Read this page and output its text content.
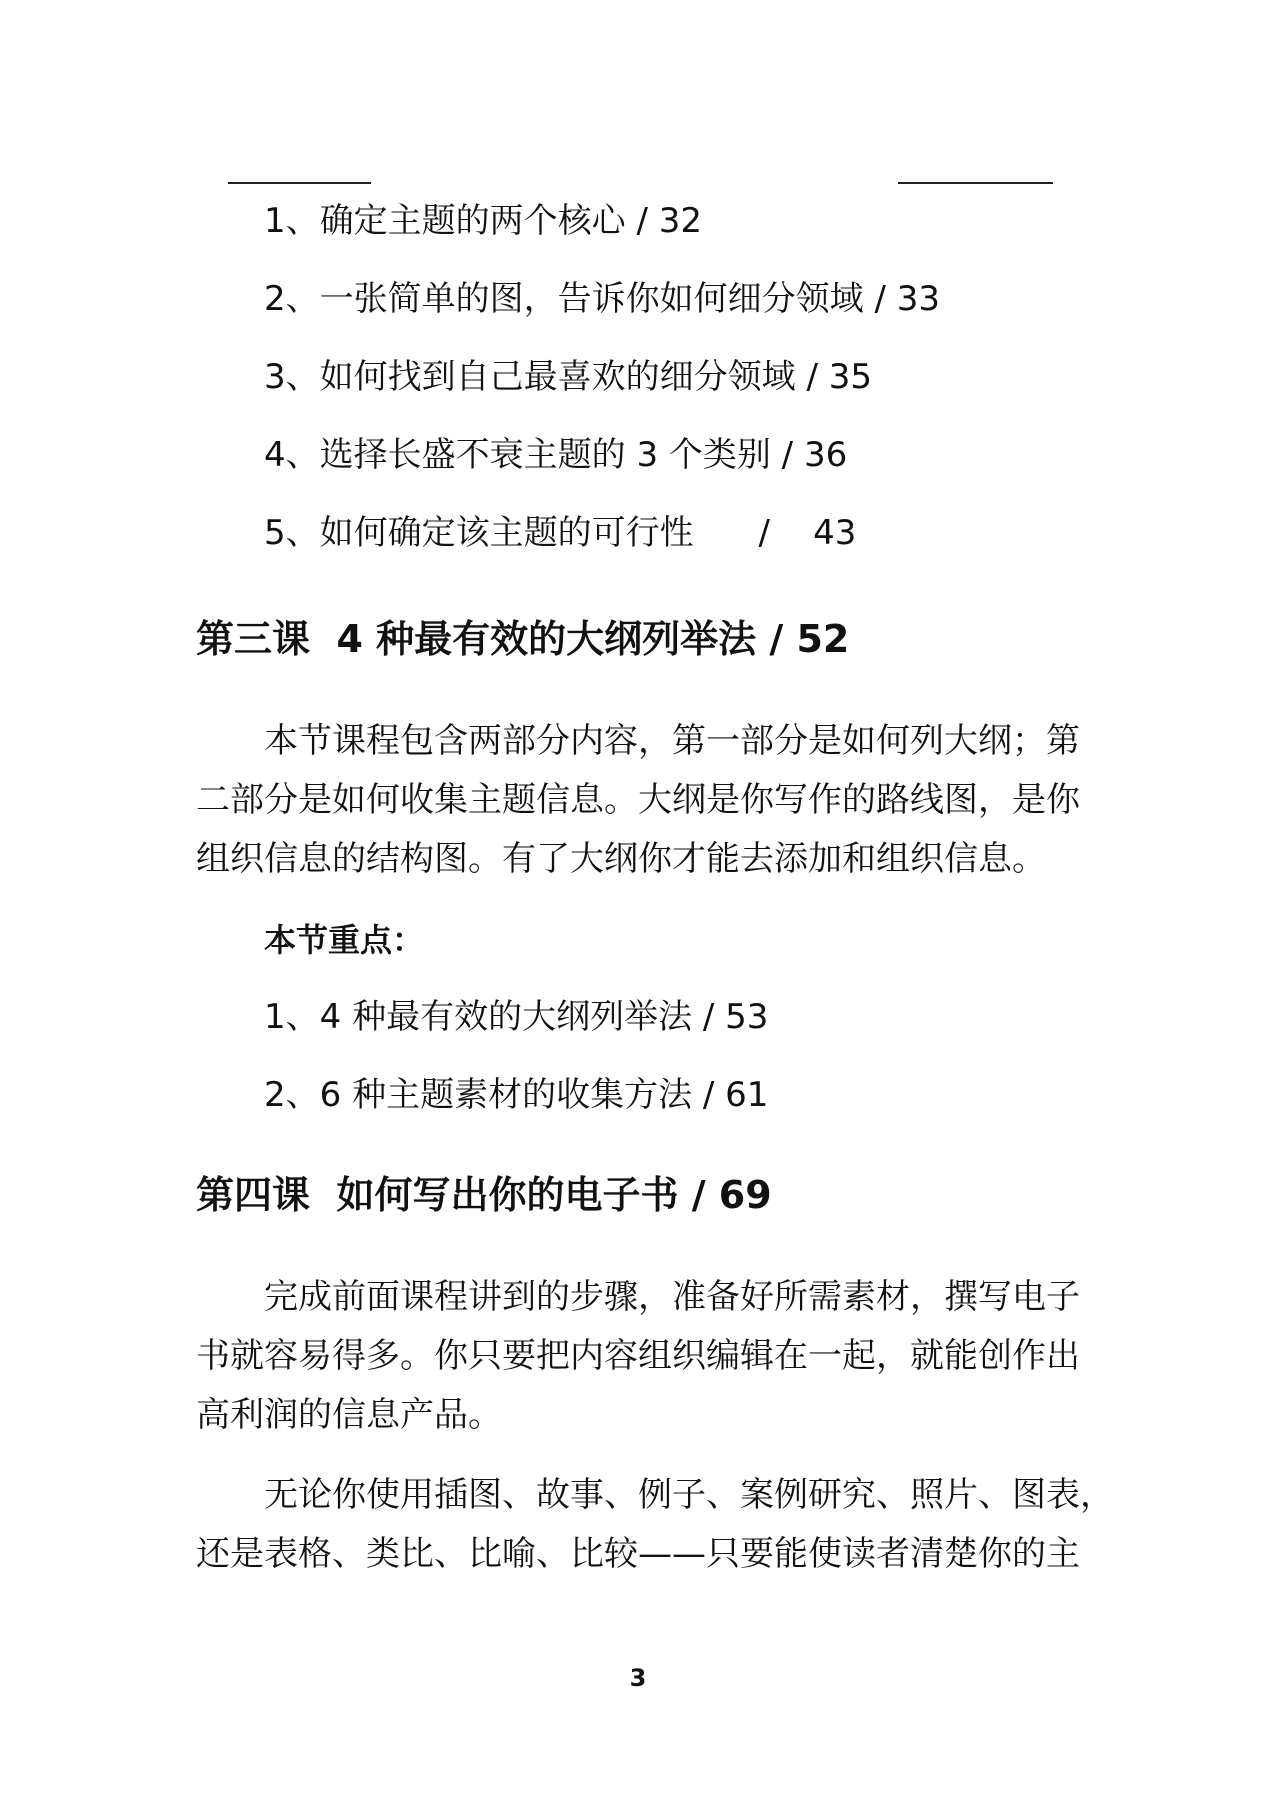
1、确定主题的两个核心 / 32
2、一张简单的图，告诉你如何细分领域 / 33
3、如何找到自己最喜欢的细分领域 / 35
4、选择长盛不衰主题的 3 个类别 / 36
5、如何确定该主题的可行性      /    43
第三课  4 种最有效的大纲列举法 / 52
本节课程包含两部分内容，第一部分是如何列大纲；第
二部分是如何收集主题信息。大纲是你写作的路线图，是你
组织信息的结构图。有了大纲你才能去添加和组织信息。
本节重点：
1、4 种最有效的大纲列举法 / 53
2、6 种主题素材的收集方法 / 61
第四课  如何写出你的电子书 / 69
完成前面课程讲到的步骤，准备好所需素材，撰写电子
书就容易得多。你只要把内容组织编辑在一起，就能创作出
高利润的信息产品。
无论你使用插图、故事、例子、案例研究、照片、图表，
还是表格、类比、比喻、比较——只要能使读者清楚你的主
3
